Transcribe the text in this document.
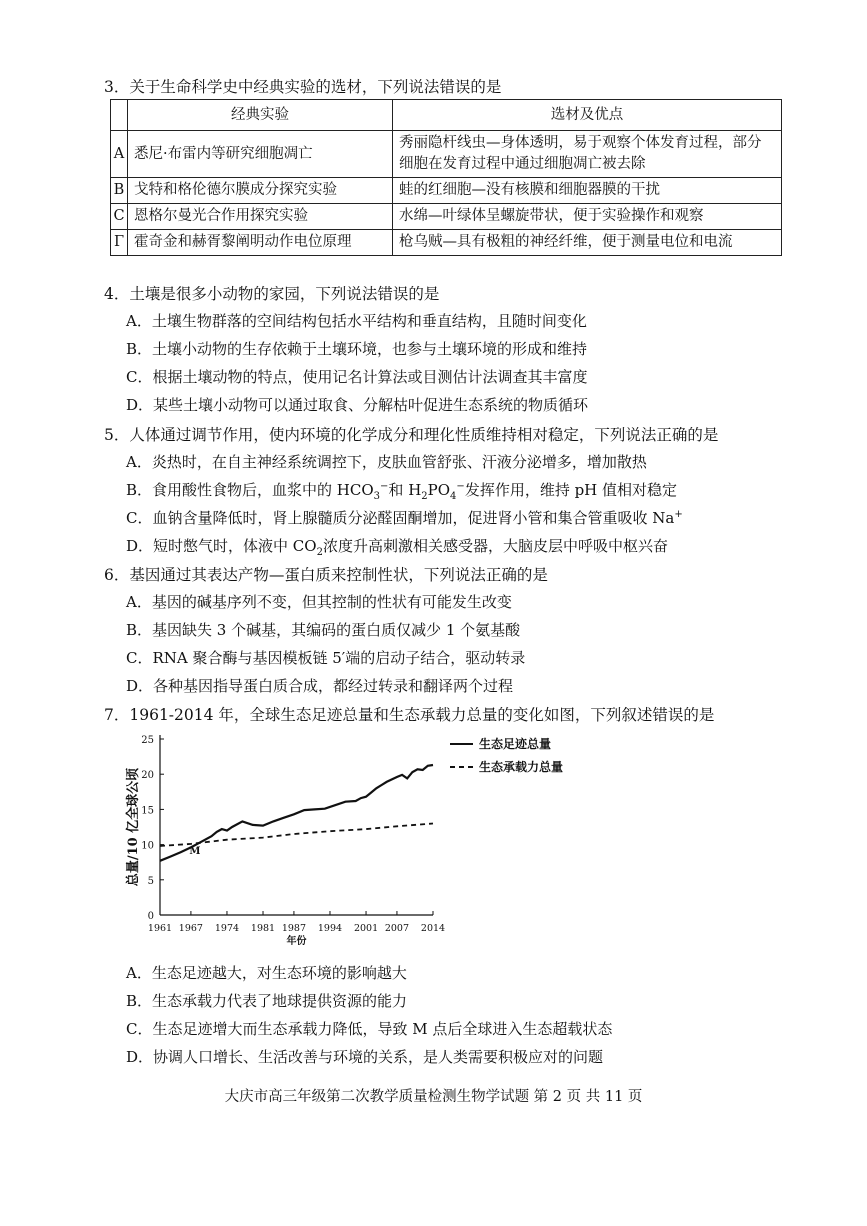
3．关于生命科学史中经典实验的选材，下列说法错误的是
	经典实验	选材及优点
A	悉尼·布雷内等研究细胞凋亡	秀丽隐杆线虫—身体透明，易于观察个体发育过程，部分细胞在发育过程中通过细胞凋亡被去除
B	戈特和格伦德尔膜成分探究实验	蛙的红细胞—没有核膜和细胞器膜的干扰
C	恩格尔曼光合作用探究实验	水绵—叶绿体呈螺旋带状，便于实验操作和观察
Γ	霍奇金和赫胥黎阐明动作电位原理	枪乌贼—具有极粗的神经纤维，便于测量电位和电流
4．土壤是很多小动物的家园，下列说法错误的是
A．土壤生物群落的空间结构包括水平结构和垂直结构，且随时间变化
B．土壤小动物的生存依赖于土壤环境，也参与土壤环境的形成和维持
C．根据土壤动物的特点，使用记名计算法或目测估计法调查其丰富度
D．某些土壤小动物可以通过取食、分解枯叶促进生态系统的物质循环
5．人体通过调节作用，使内环境的化学成分和理化性质维持相对稳定，下列说法正确的是
A．炎热时，在自主神经系统调控下，皮肤血管舒张、汗液分泌增多，增加散热
B．食用酸性食物后，血浆中的 $HCO_3^-$和 $H_2PO_4^-$发挥作用，维持 pH 值相对稳定
C．血钠含量降低时，肾上腺髓质分泌醛固酮增加，促进肾小管和集合管重吸收 Na+
D．短时憋气时，体液中 $CO_2$浓度升高刺激相关感受器，大脑皮层中呼吸中枢兴奋
6．基因通过其表达产物—蛋白质来控制性状，下列说法正确的是
A．基因的碱基序列不变，但其控制的性状有可能发生改变
B．基因缺失 3 个碱基，其编码的蛋白质仅减少 1 个氨基酸
C．RNA 聚合酶与基因模板链 5′端的启动子结合，驱动转录
D．各种基因指导蛋白质合成，都经过转录和翻译两个过程
7．1961-2014 年，全球生态足迹总量和生态承载力总量的变化如图，下列叙述错误的是
0
5
10
15
20
25
1961 1967 1974 1981 1987 1994 2001 2007 2014
年份
总量/10 亿全球公顷
生态足迹总量
生态承载力总量
M
A．生态足迹越大，对生态环境的影响越大
B．生态承载力代表了地球提供资源的能力
C．生态足迹增大而生态承载力降低，导致 M 点后全球进入生态超载状态
D．协调人口增长、生活改善与环境的关系，是人类需要积极应对的问题
大庆市高三年级第二次教学质量检测生物学试题 第 2 页 共 11 页
